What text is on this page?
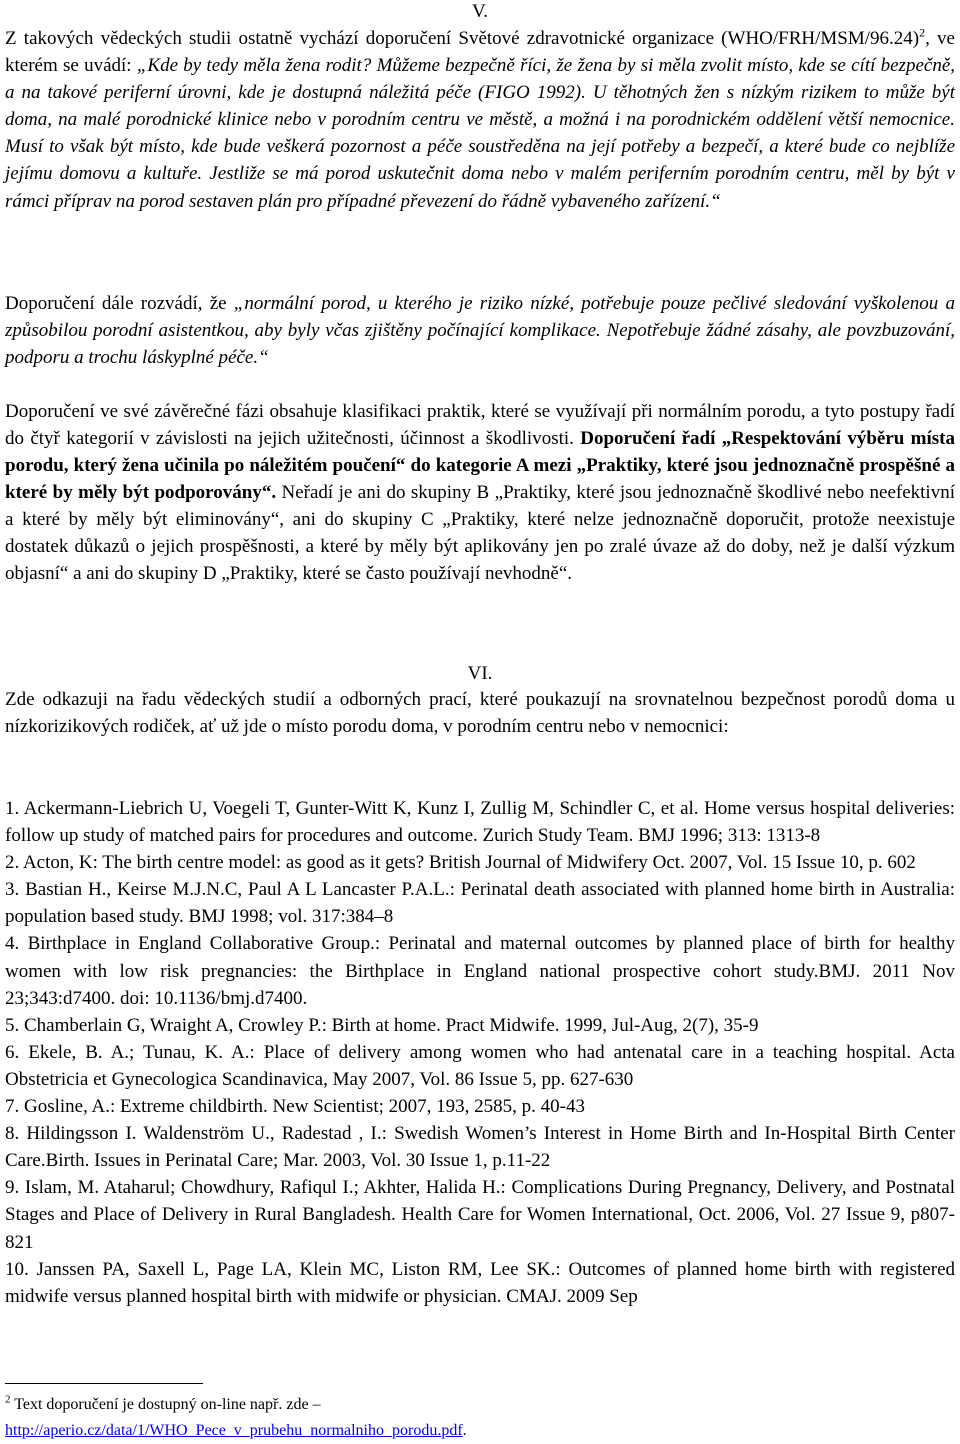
V.

Z takových vědeckých studii ostatně vychází doporučení Světové zdravotnické organizace $(WHO/FRH/MSM/96.24)^2$, ve kterém se uvádí: „Kde by tedy měla žena rodit? Můžeme bezpečně říci, že žena by si měla zvolit místo, kde se cítí bezpečně, a na takové periferní úrovni, kde je dostupná náležitá péče (FIGO 1992). U těhotných žen s nízkým rizikem to může být doma, na malé porodnické klinice nebo v porodním centru ve městě, a možná i na porodnickém oddělení větší nemocnice. Musí to však být místo, kde bude veškerá pozornost a péče soustředěna na její potřeby a bezpečí, a které bude co nejblíže jejímu domovu a kultuře. Jestliže se má porod uskutečnit doma nebo v malém periferním porodním centru, měl by být v rámci příprav na porod sestaven plán pro případné převezení do řádně vybaveného zařízení.“

Doporučení dále rozvádí, že „normální porod, u kterého je riziko nízké, potřebuje pouze pečlivé sledování vyškolenou a způsobilou porodní asistentkou, aby byly včas zjištěny počínající komplikace. Nepotřebuje žádné zásahy, ale povzbuzování, podporu a trochu láskyplné péče.“

Doporučení ve své závěrečné fázi obsahuje klasifikaci praktik, které se využívají při normálním porodu, a tyto postupy řadí do čtyř kategorií v závislosti na jejich užitečnosti, účinnost a škodlivosti. Doporučení řadí „Respektování výběru místa porodu, který žena učinila po náležitém poučení“ do kategorie A mezi „Praktiky, které jsou jednoznačně prospěšné a které by měly být podporovány“. Neřadí je ani do skupiny B „Praktiky, které jsou jednoznačně škodlivé nebo neefektivní a které by měly být eliminovány“, ani do skupiny C „Praktiky, které nelze jednoznačně doporučit, protože neexistuje dostatek důkazů o jejich prospěšnosti, a které by měly být aplikovány jen po zralé úvaze až do doby, než je další výzkum objasní“ a ani do skupiny D „Praktiky, které se často používají nevhodně“.

VI.

Zde odkazuji na řadu vědeckých studií a odborných prací, které poukazují na srovnatelnou bezpečnost porodů doma u nízkorizikových rodiček, ať už jde o místo porodu doma, v porodním centru nebo v nemocnici:

1. Ackermann-Liebrich U, Voegeli T, Gunter-Witt K, Kunz I, Zullig M, Schindler C, et al. Home versus hospital deliveries: follow up study of matched pairs for procedures and outcome. Zurich Study Team. BMJ 1996; 313: 1313-8

2. Acton, K: The birth centre model: as good as it gets? British Journal of Midwifery Oct. 2007, Vol. 15 Issue 10, p. 602

3. Bastian H., Keirse M.J.N.C, Paul A L Lancaster P.A.L.: Perinatal death associated with planned home birth in Australia: population based study. BMJ 1998; vol. 317:384–8

4. Birthplace in England Collaborative Group.: Perinatal and maternal outcomes by planned place of birth for healthy women with low risk pregnancies: the Birthplace in England national prospective cohort study.BMJ. 2011 Nov 23;343:d7400. doi: 10.1136/bmj.d7400.

5. Chamberlain G, Wraight A, Crowley P.: Birth at home. Pract Midwife. 1999, Jul-Aug, 2(7), 35-9

6. Ekele, B. A.; Tunau, K. A.: Place of delivery among women who had antenatal care in a teaching hospital. Acta Obstetricia et Gynecologica Scandinavica, May 2007, Vol. 86 Issue 5, pp. 627-630

7. Gosline, A.: Extreme childbirth. New Scientist; 2007, 193, 2585, p. 40-43

8. Hildingsson I. Waldenström U., Radestad , I.: Swedish Women’s Interest in Home Birth and In-Hospital Birth Center Care.Birth. Issues in Perinatal Care; Mar. 2003, Vol. 30 Issue 1, p.11-22

9. Islam, M. Ataharul; Chowdhury, Rafiqul I.; Akhter, Halida H.: Complications During Pregnancy, Delivery, and Postnatal Stages and Place of Delivery in Rural Bangladesh. Health Care for Women International, Oct. 2006, Vol. 27 Issue 9, p807-821

10. Janssen PA, Saxell L, Page LA, Klein MC, Liston RM, Lee SK.: Outcomes of planned home birth with registered midwife versus planned hospital birth with midwife or physician. CMAJ. 2009 Sep

$^2$ Text doporučení je dostupný on-line např. zde –
http://aperio.cz/data/1/WHO_Pece_v_prubehu_normalniho_porodu.pdf.
